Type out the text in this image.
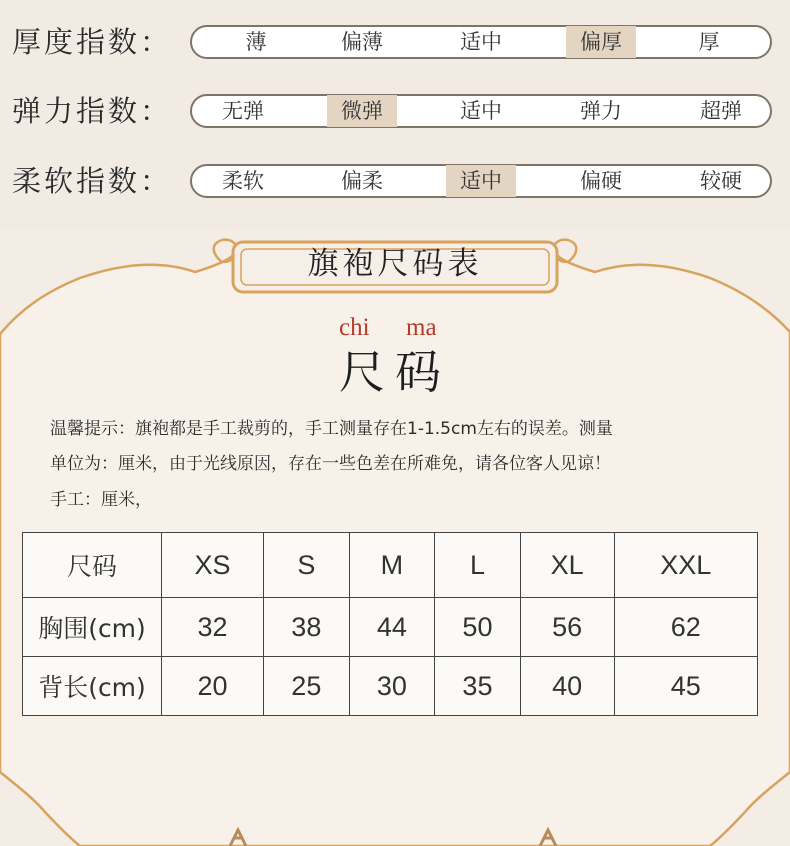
厚度指数：	薄	偏薄	适中	偏厚	厚
弹力指数：	无弹	微弹	适中	弹力	超弹
柔软指数：	柔软	偏柔	适中	偏硬	较硬
旗袍尺码表
chi ma
尺码
温馨提示：旗袍都是手工裁剪的，手工测量存在1-1.5cm左右的误差。测量
单位为：厘米，由于光线原因，存在一些色差在所难免，请各位客人见谅！
手工：厘米，
尺码	XS	S	M	L	XL	XXL
胸围(cm)	32	38	44	50	56	62
背长(cm)	20	25	30	35	40	45
